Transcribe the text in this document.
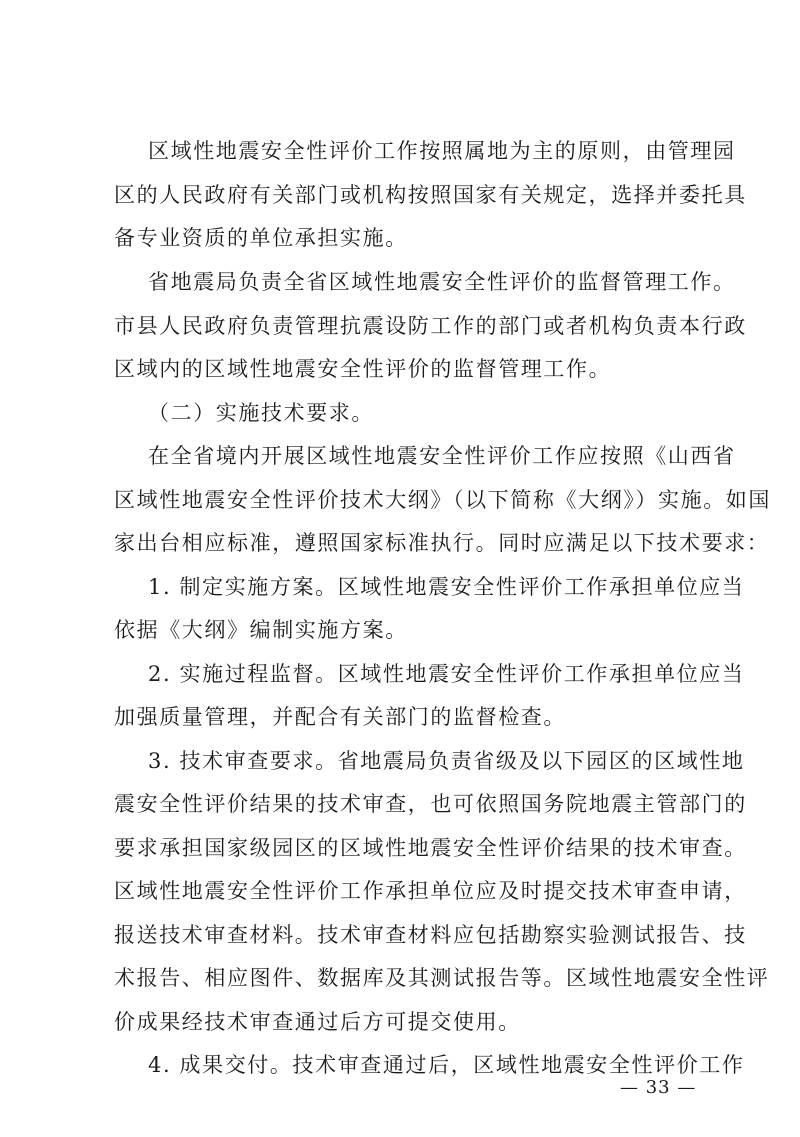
区域性地震安全性评价工作按照属地为主的原则，由管理园
区的人民政府有关部门或机构按照国家有关规定，选择并委托具
备专业资质的单位承担实施。
省地震局负责全省区域性地震安全性评价的监督管理工作。
市县人民政府负责管理抗震设防工作的部门或者机构负责本行政
区域内的区域性地震安全性评价的监督管理工作。
（二）实施技术要求。
在全省境内开展区域性地震安全性评价工作应按照《山西省
区域性地震安全性评价技术大纲》（以下简称《大纲》）实施。如国
家出台相应标准，遵照国家标准执行。同时应满足以下技术要求：
1. 制定实施方案。区域性地震安全性评价工作承担单位应当
依据《大纲》编制实施方案。
2. 实施过程监督。区域性地震安全性评价工作承担单位应当
加强质量管理，并配合有关部门的监督检查。
3. 技术审查要求。省地震局负责省级及以下园区的区域性地
震安全性评价结果的技术审查，也可依照国务院地震主管部门的
要求承担国家级园区的区域性地震安全性评价结果的技术审查。
区域性地震安全性评价工作承担单位应及时提交技术审查申请，
报送技术审查材料。技术审查材料应包括勘察实验测试报告、技
术报告、相应图件、数据库及其测试报告等。区域性地震安全性评
价成果经技术审查通过后方可提交使用。
4. 成果交付。技术审查通过后，区域性地震安全性评价工作
— 33 —
